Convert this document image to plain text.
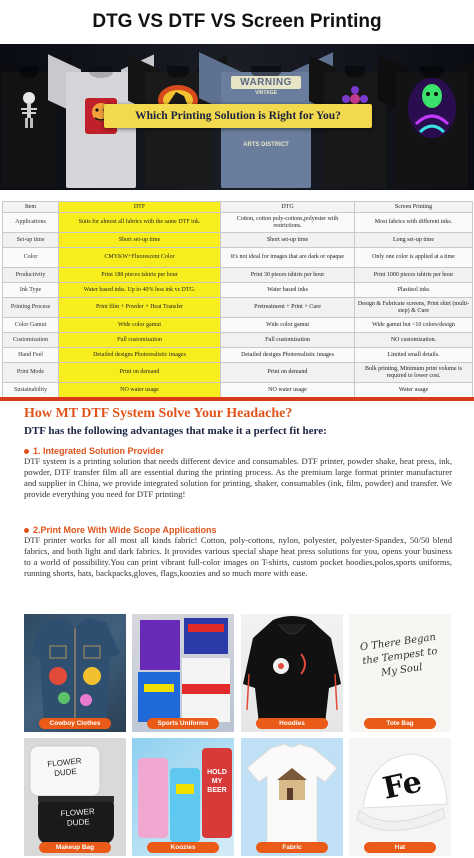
DTG VS DTF VS Screen Printing
WARNING
VINTAGE
ARTS DISTRICT
Which Printing Solution is Right for You?
Item	DTF	DTG	Screen Printing
Applications	Suits for almost all fabrics with the same DTF ink.	Cotton, cotton poly-cottons,polyester with restrictions.	Most fabrics with different inks.
Set-up time	Short set-up time	Short set-up time	Long set-up time
Color	CMYKW+Fluorescent Color	It's not ideal for images that are dark or opaque	Only one color is applied at a time
Productivity	Print 188 pieces tshirts per hour	Print 30 pieces tshirts per hour	Print 1000 pieces tshirts per hour
Ink Type	Water based inks. Up to 40% less ink vs DTG.	Water based inks	Plastisol inks
Printing Process	Print film + Powder + Heat Transfer	Pretreatment + Print + Cure	Design & Fabricate screens, Print shirt (multi-step) & Cure
Color Gamut	Wide color gamut	Wide color gamut	Wide gamut but <10 colors/design
Customization	Full customization	Full customization	NO customization.
Hand Feel	Detailed designs Photorealistic images	Detailed designs Photorealistic images	Limited small details.
Print Mode	Print on demand	Print on demand	Bulk printing, Minimum print volume is required to lower cost.
Sustainability	NO water usage	NO water usage	Water usage

How MT DTF System Solve Your Headache?
DTF has the following advantages that make it a perfect fit here:
1. Integrated Solution Provider

DTF system is a printing solution that needs different device and consumables. DTF printer, powder shake, heat press, ink, powder, DTF transfer film all are essential during the printing process. As the premium large format printer manufacturer and supplier in China, we provide integrated solution for printing, shaker, consumables (ink, film, powder) and transfer. We provide everything you need for DTF printing!

2.Print More With Wide Scope Applications

DTF printer works for all most all kinds fabric! Cotton, poly-cottons, nylon, polyester, polyester-Spandex, 50/50 blend fabrics, and both light and dark fabrics. It provides various special shape heat press solutions for you, opens your business to a world of possibility.You can print vibrant full-color images on T-shirts, custom pocket hoodies,polos,sports uniforms, running shorts, hats, backpacks,gloves, flags,koozies and so much more with ease.

Cowboy Clothes	Sports Uniforms	Hoodies
O There Began the Tempest to My Soul
Tote Bag
FLOWER DUDE
FLOWER DUDE
Makeup Bag
HOLD MY BEER
Koozies	Fabric
Fe
Hat
